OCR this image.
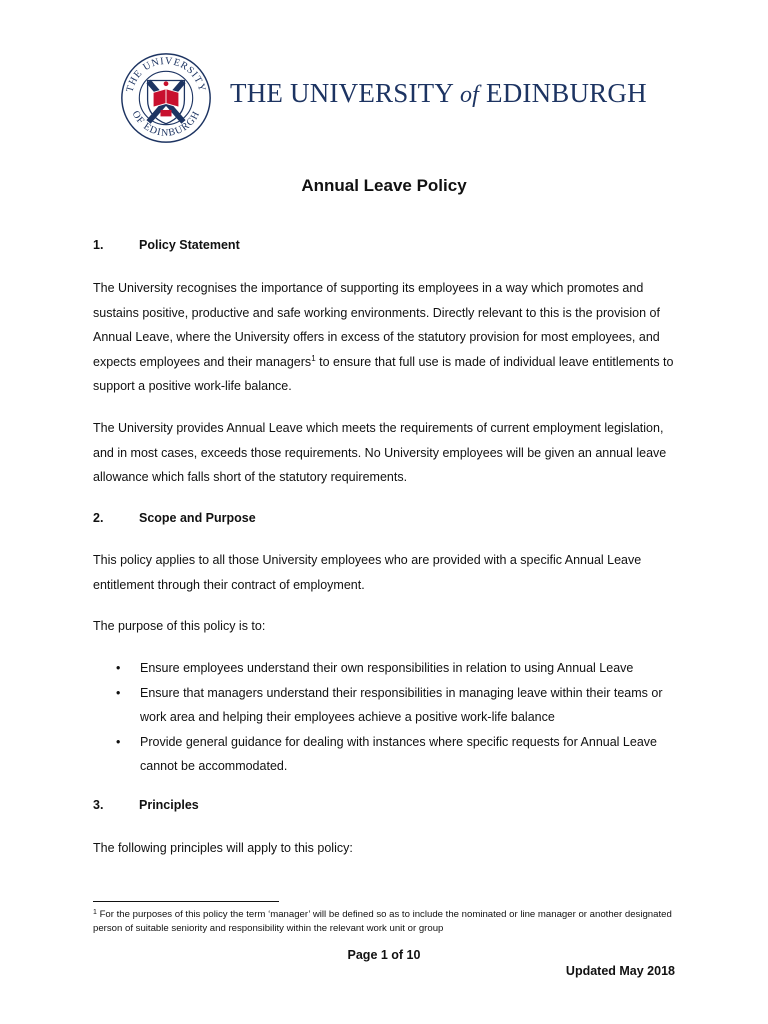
THE UNIVERSITY
OF EDINBURGH
THE UNIVERSITY of EDINBURGH
Annual Leave Policy
1.	Policy Statement
The University recognises the importance of supporting its employees in a way which promotes and sustains positive, productive and safe working environments. Directly relevant to this is the provision of Annual Leave, where the University offers in excess of the statutory provision for most employees, and expects employees and their managers$^1$ to ensure that full use is made of individual leave entitlements to support a positive work-life balance.
The University provides Annual Leave which meets the requirements of current employment legislation, and in most cases, exceeds those requirements. No University employees will be given an annual leave allowance which falls short of the statutory requirements.
2.	Scope and Purpose
This policy applies to all those University employees who are provided with a specific Annual Leave entitlement through their contract of employment.
The purpose of this policy is to:
• Ensure employees understand their own responsibilities in relation to using Annual Leave
• Ensure that managers understand their responsibilities in managing leave within their teams or work area and helping their employees achieve a positive work-life balance
• Provide general guidance for dealing with instances where specific requests for Annual Leave cannot be accommodated.
3.	Principles
The following principles will apply to this policy:
$^1$ For the purposes of this policy the term ‘manager’ will be defined so as to include the nominated or line manager or another designated person of suitable seniority and responsibility within the relevant work unit or group
Page 1 of 10
Updated May 2018
